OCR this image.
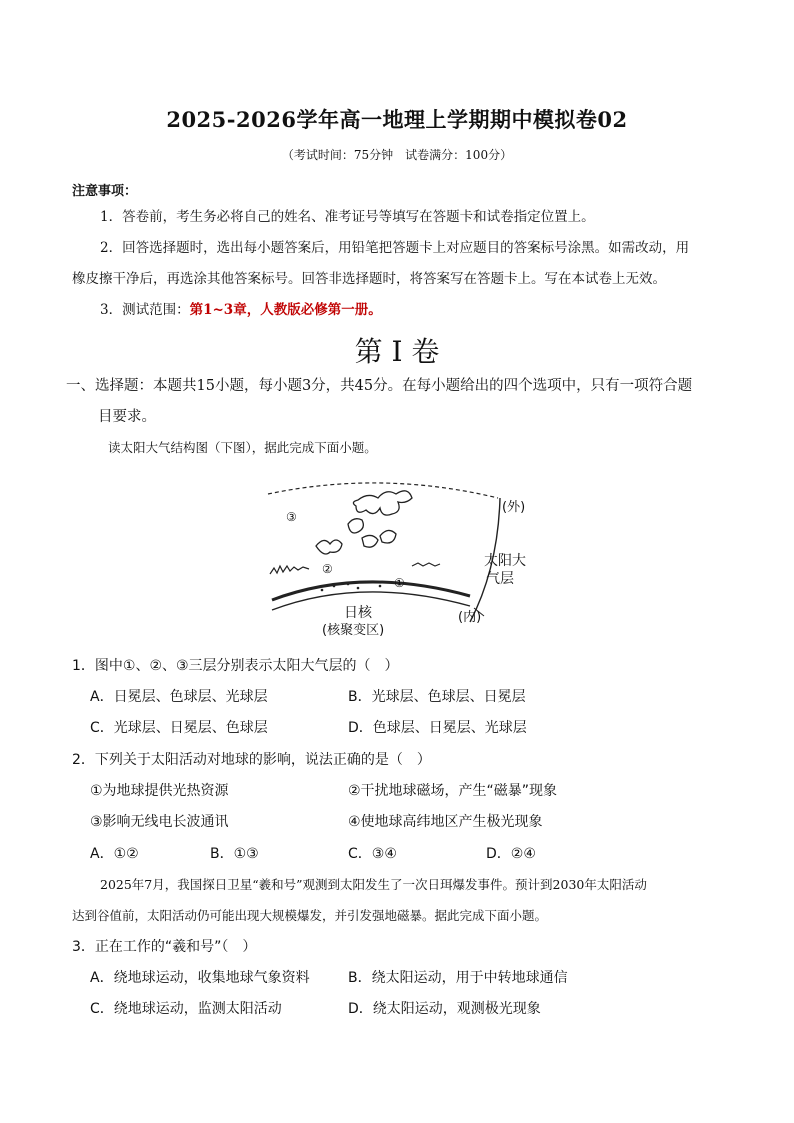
2025-2026学年高一地理上学期期中模拟卷02
（考试时间：75分钟　试卷满分：100分）
注意事项：
1．答卷前，考生务必将自己的姓名、准考证号等填写在答题卡和试卷指定位置上。
2．回答选择题时，选出每小题答案后，用铅笔把答题卡上对应题目的答案标号涂黑。如需改动，用
橡皮擦干净后，再选涂其他答案标号。回答非选择题时，将答案写在答题卡上。写在本试卷上无效。
3．测试范围：第1~3章，人教版必修第一册。
第 I 卷
一、选择题：本题共15小题，每小题3分，共45分。在每小题给出的四个选项中，只有一项符合题
目要求。
读太阳大气结构图（下图），据此完成下面小题。
(外)
(内)
太阳大
气层
日核
(核聚变区)
①
②
③
1．图中①、②、③三层分别表示太阳大气层的（　）
A．日冕层、色球层、光球层	B．光球层、色球层、日冕层
C．光球层、日冕层、色球层	D．色球层、日冕层、光球层
2．下列关于太阳活动对地球的影响，说法正确的是（　）
①为地球提供光热资源	②干扰地球磁场，产生“磁暴”现象
③影响无线电长波通讯	④使地球高纬地区产生极光现象
A．①②	B．①③	C．③④	D．②④
2025年7月，我国探日卫星“羲和号”观测到太阳发生了一次日珥爆发事件。预计到2030年太阳活动
达到谷值前，太阳活动仍可能出现大规模爆发，并引发强地磁暴。据此完成下面小题。
3．正在工作的“羲和号”（　）
A．绕地球运动，收集地球气象资料	B．绕太阳运动，用于中转地球通信
C．绕地球运动，监测太阳活动	D．绕太阳运动，观测极光现象
